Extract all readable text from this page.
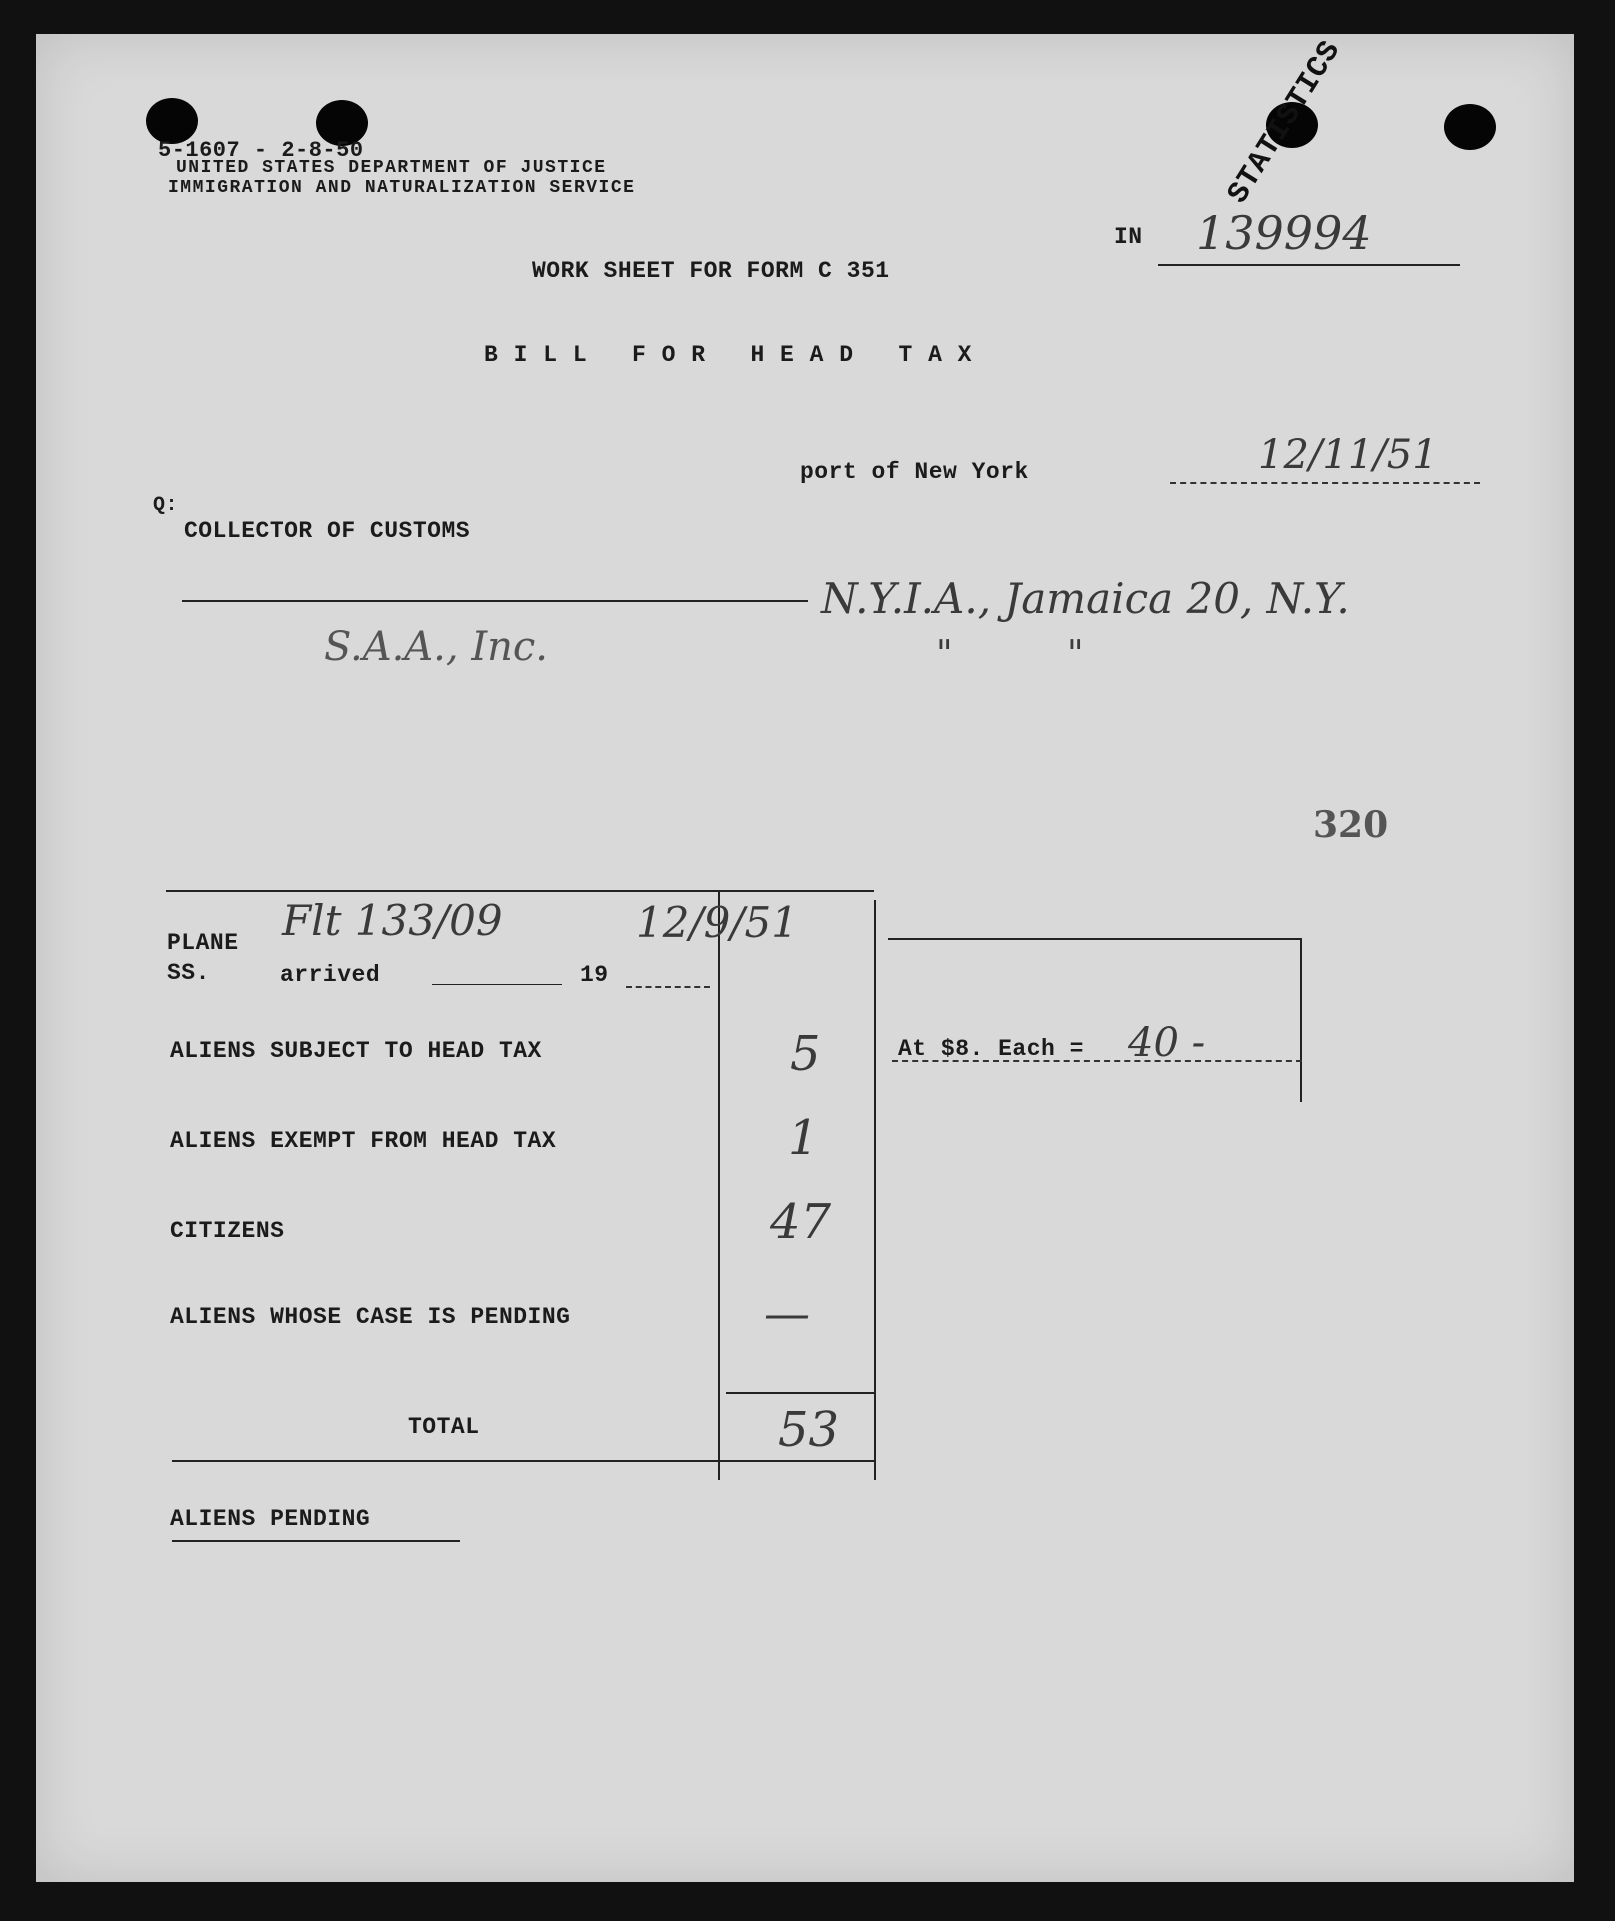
5-1607 - 2-8-50
UNITED STATES DEPARTMENT OF JUSTICE
IMMIGRATION AND NATURALIZATION SERVICE
IN 139994
STATISTICS
WORK SHEET FOR FORM C 351
B I L L   F O R   H E A D   T A X
port of New York	12/11/51
Q:
COLLECTOR OF CUSTOMS
N.Y.I.A., Jamaica 20, N.Y.
"          "
S.A.A., Inc.
320
PLANE
SS.	arrived	19
Flt 133/09	12/9/51
ALIENS SUBJECT TO HEAD TAX	5
ALIENS EXEMPT FROM HEAD TAX	1
CITIZENS	47
ALIENS WHOSE CASE IS PENDING	—
TOTAL	53
At $8. Each = 40 -
ALIENS PENDING
